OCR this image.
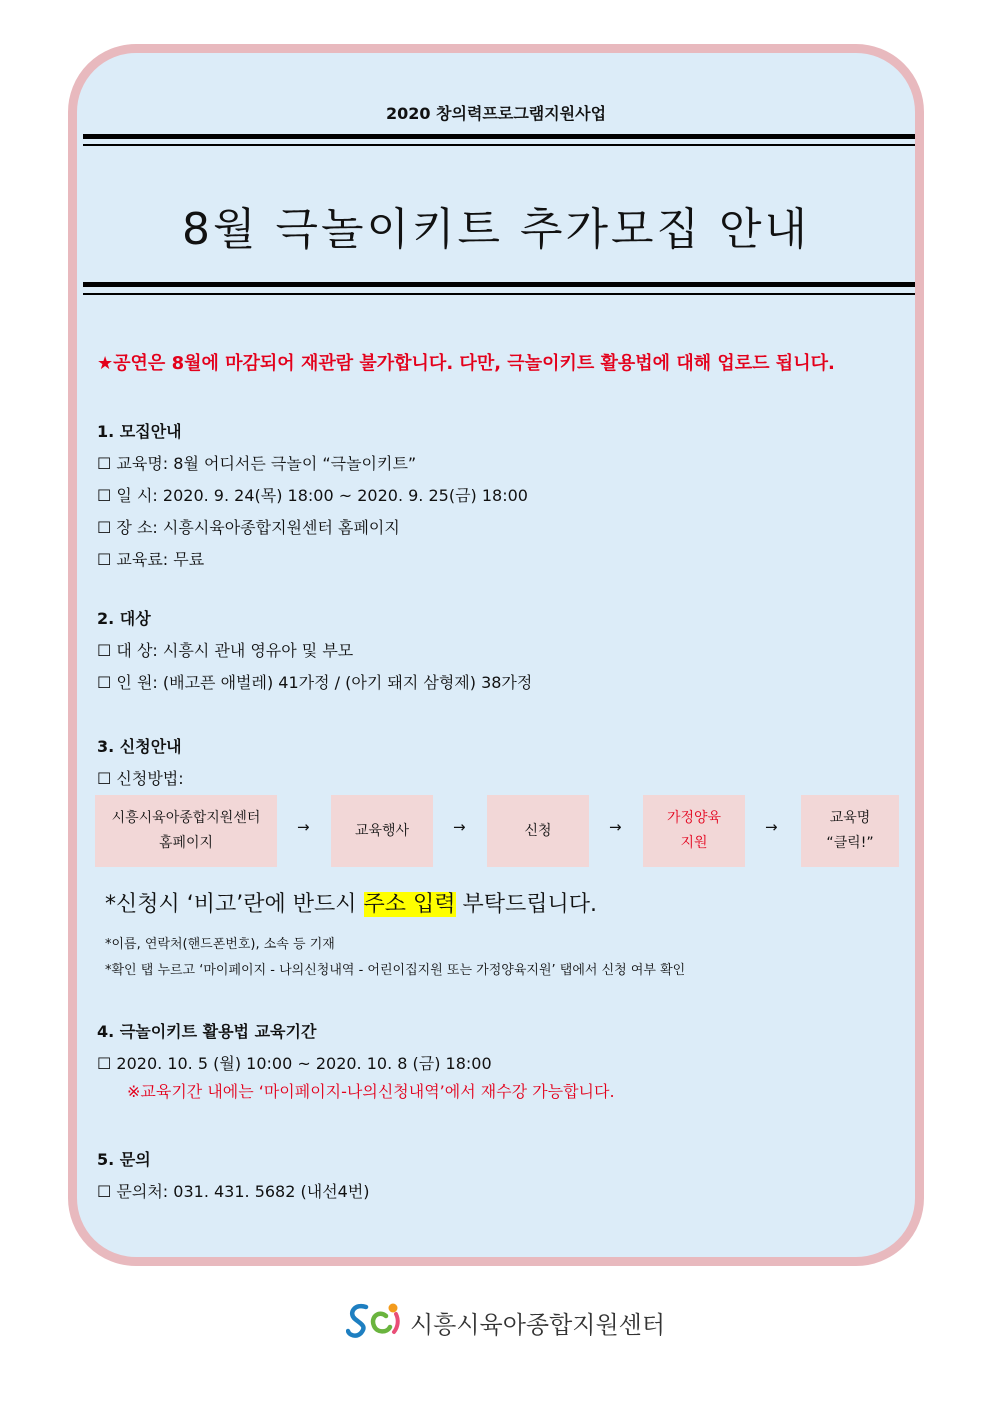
2020 창의력프로그램지원사업
8월 극놀이키트 추가모집 안내
★공연은 8월에 마감되어 재관람 불가합니다. 다만, 극놀이키트 활용법에 대해 업로드 됩니다.
1. 모집안내
☐ 교육명: 8월 어디서든 극놀이 “극놀이키트”
☐ 일 시: 2020. 9. 24(목) 18:00 ~ 2020. 9. 25(금) 18:00
☐ 장 소: 시흥시육아종합지원센터 홈페이지
☐ 교육료: 무료
2. 대상
☐ 대 상: 시흥시 관내 영유아 및 부모
☐ 인 원: (배고픈 애벌레) 41가정 / (아기 돼지 삼형제) 38가정
3. 신청안내
☐ 신청방법:
시흥시육아종합지원센터
홈페이지
→	교육행사	→	신청	→	가정양육
지원
→	교육명
“클릭!”
*신청시 ‘비고’란에 반드시 주소 입력 부탁드립니다.
*이름, 연락처(핸드폰번호), 소속 등 기재
*확인 탭 누르고 ‘마이페이지 - 나의신청내역 - 어린이집지원 또는 가정양육지원’ 탭에서 신청 여부 확인
4. 극놀이키트 활용법 교육기간
☐ 2020. 10. 5 (월) 10:00 ~ 2020. 10. 8 (금) 18:00
※교육기간 내에는 ‘마이페이지-나의신청내역’에서 재수강 가능합니다.
5. 문의
☐ 문의처: 031. 431. 5682 (내선4번)
시흥시육아종합지원센터
